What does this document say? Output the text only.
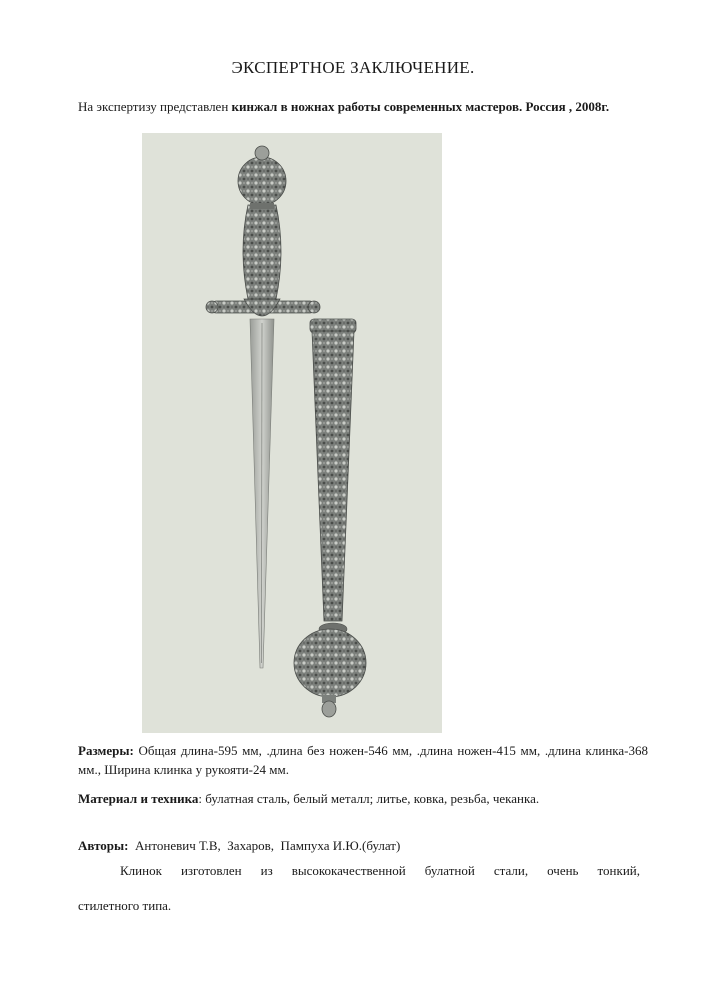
ЭКСПЕРТНОЕ ЗАКЛЮЧЕНИЕ.
На экспертизу представлен кинжал в ножнах работы современных мастеров. Россия , 2008г.
Размеры: Общая длина-595 мм, .длина без ножен-546 мм, .длина ножен-415 мм, .длина клинка-368 мм., Ширина клинка у рукояти-24 мм.
Материал и техника: булатная сталь, белый металл; литье, ковка, резьба, чеканка.
Авторы:  Антоневич Т.В,  Захаров,  Пампуха И.Ю.(булат)
Клинок изготовлен из высококачественной булатной стали, очень тонкий,
стилетного типа.
